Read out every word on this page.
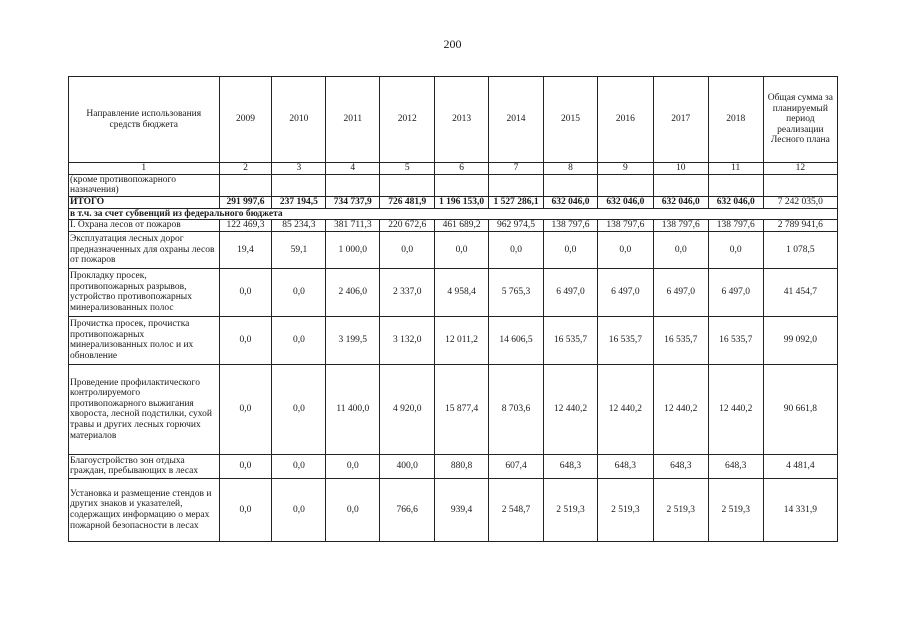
200
Направление использования средств бюджета	2009	2010	2011	2012	2013	2014	2015	2016	2017	2018	Общая сумма за планируемый период реализации Лесного плана
1	2	3	4	5	6	7	8	9	10	11	12
(кроме противопожарного назначения)											
ИТОГО	291 997,6	237 194,5	734 737,9	726 481,9	1 196 153,0	1 527 286,1	632 046,0	632 046,0	632 046,0	632 046,0	7 242 035,0
в т.ч. за счет субвенций из федерального бюджета											
I. Охрана лесов от пожаров	122 469,3	85 234,3	381 711,3	220 672,6	461 689,2	962 974,5	138 797,6	138 797,6	138 797,6	138 797,6	2 789 941,6
Эксплуатация лесных дорог предназначенных для охраны лесов от пожаров	19,4	59,1	1 000,0	0,0	0,0	0,0	0,0	0,0	0,0	0,0	1 078,5
Прокладку просек, противопожарных разрывов, устройство противопожарных минерализованных полос	0,0	0,0	2 406,0	2 337,0	4 958,4	5 765,3	6 497,0	6 497,0	6 497,0	6 497,0	41 454,7
Прочистка просек, прочистка противопожарных минерализованных полос и их обновление	0,0	0,0	3 199,5	3 132,0	12 011,2	14 606,5	16 535,7	16 535,7	16 535,7	16 535,7	99 092,0
Проведение профилактического контролируемого противопожарного выжигания хвороста, лесной подстилки, сухой травы и других лесных горючих материалов	0,0	0,0	11 400,0	4 920,0	15 877,4	8 703,6	12 440,2	12 440,2	12 440,2	12 440,2	90 661,8
Благоустройство зон отдыха граждан, пребывающих в лесах	0,0	0,0	0,0	400,0	880,8	607,4	648,3	648,3	648,3	648,3	4 481,4
Установка и размещение стендов и других знаков и указателей, содержащих информацию о мерах пожарной безопасности в лесах	0,0	0,0	0,0	766,6	939,4	2 548,7	2 519,3	2 519,3	2 519,3	2 519,3	14 331,9
